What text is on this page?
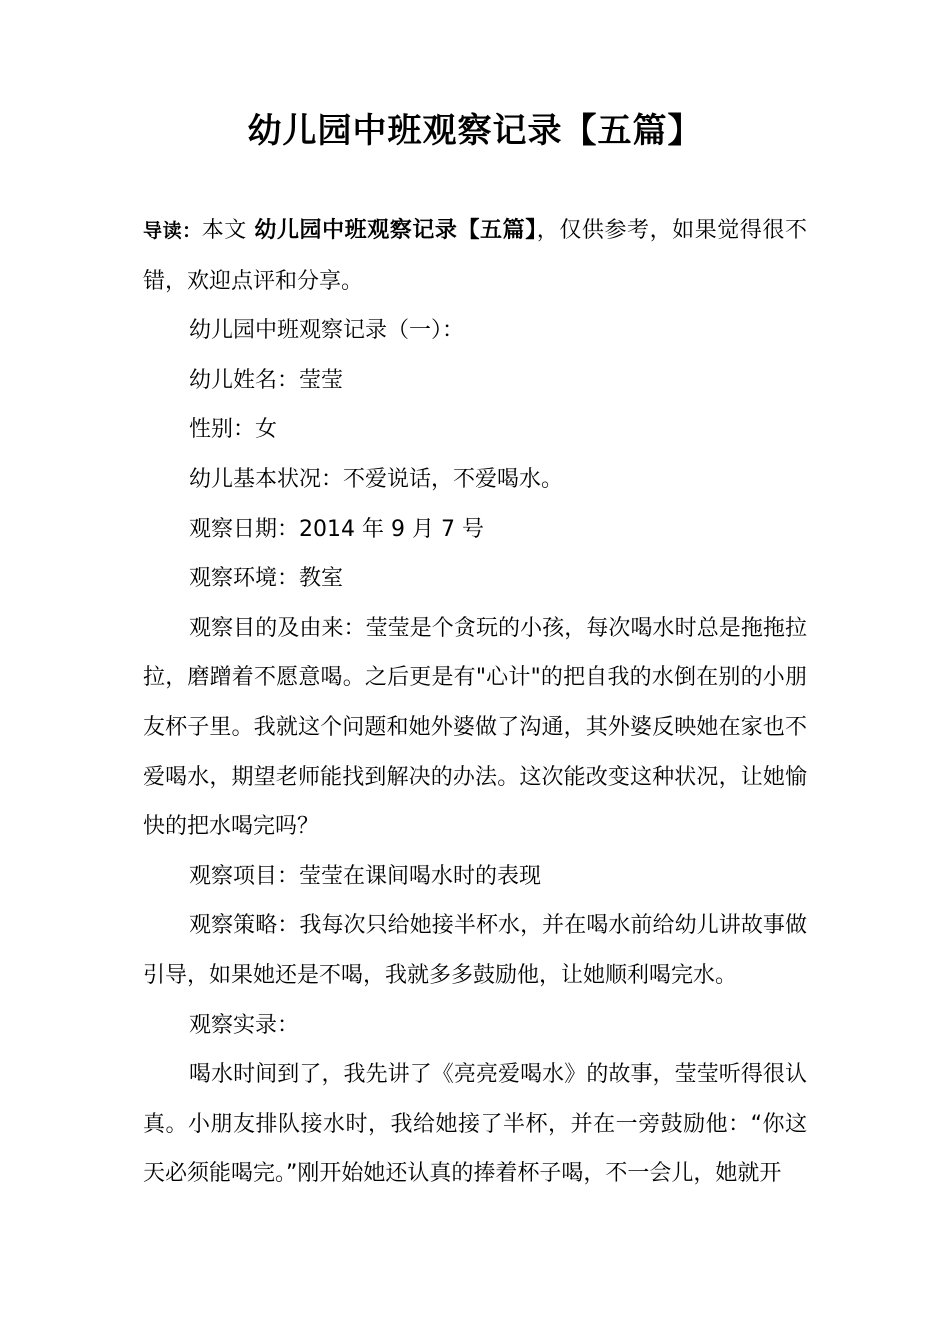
幼儿园中班观察记录【五篇】

导读：本文 幼儿园中班观察记录【五篇】，仅供参考，如果觉得很不错，欢迎点评和分享。

幼儿园中班观察记录（一）：

幼儿姓名：莹莹

性别：女

幼儿基本状况：不爱说话，不爱喝水。

观察日期：2014 年 9 月 7 号

观察环境：教室

观察目的及由来：莹莹是个贪玩的小孩，每次喝水时总是拖拖拉拉，磨蹭着不愿意喝。之后更是有"心计"的把自我的水倒在别的小朋友杯子里。我就这个问题和她外婆做了沟通，其外婆反映她在家也不爱喝水，期望老师能找到解决的办法。这次能改变这种状况，让她愉快的把水喝完吗？

观察项目：莹莹在课间喝水时的表现

观察策略：我每次只给她接半杯水，并在喝水前给幼儿讲故事做引导，如果她还是不喝，我就多多鼓励他，让她顺利喝完水。

观察实录：

喝水时间到了，我先讲了《亮亮爱喝水》的故事，莹莹听得很认真。小朋友排队接水时，我给她接了半杯，并在一旁鼓励他：“你这天必须能喝完。”刚开始她还认真的捧着杯子喝，不一会儿，她就开
